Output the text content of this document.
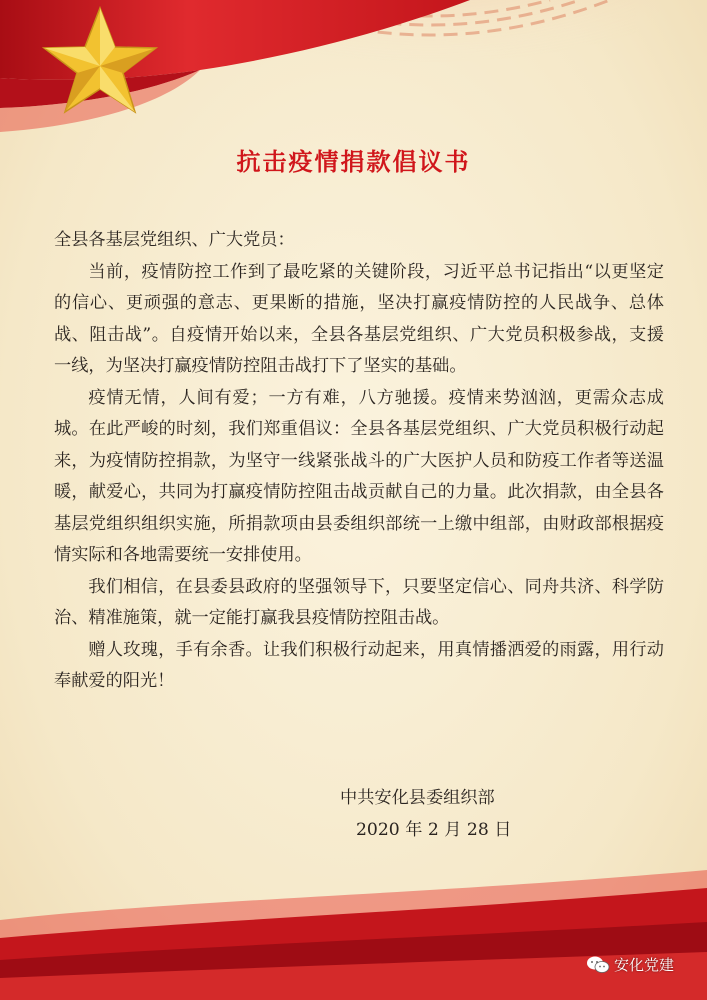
抗击疫情捐款倡议书

全县各基层党组织、广大党员：

当前，疫情防控工作到了最吃紧的关键阶段，习近平总书记指出“以更坚定的信心、更顽强的意志、更果断的措施，坚决打赢疫情防控的人民战争、总体战、阻击战”。自疫情开始以来，全县各基层党组织、广大党员积极参战，支援一线，为坚决打赢疫情防控阻击战打下了坚实的基础。

疫情无情，人间有爱；一方有难，八方驰援。疫情来势汹汹，更需众志成城。在此严峻的时刻，我们郑重倡议：全县各基层党组织、广大党员积极行动起来，为疫情防控捐款，为坚守一线紧张战斗的广大医护人员和防疫工作者等送温暖，献爱心，共同为打赢疫情防控阻击战贡献自己的力量。此次捐款，由全县各基层党组织组织实施，所捐款项由县委组织部统一上缴中组部，由财政部根据疫情实际和各地需要统一安排使用。

我们相信，在县委县政府的坚强领导下，只要坚定信心、同舟共济、科学防治、精准施策，就一定能打赢我县疫情防控阻击战。

赠人玫瑰，手有余香。让我们积极行动起来，用真情播洒爱的雨露，用行动奉献爱的阳光！

中共安化县委组织部
2020 年 2 月 28 日
安化党建
